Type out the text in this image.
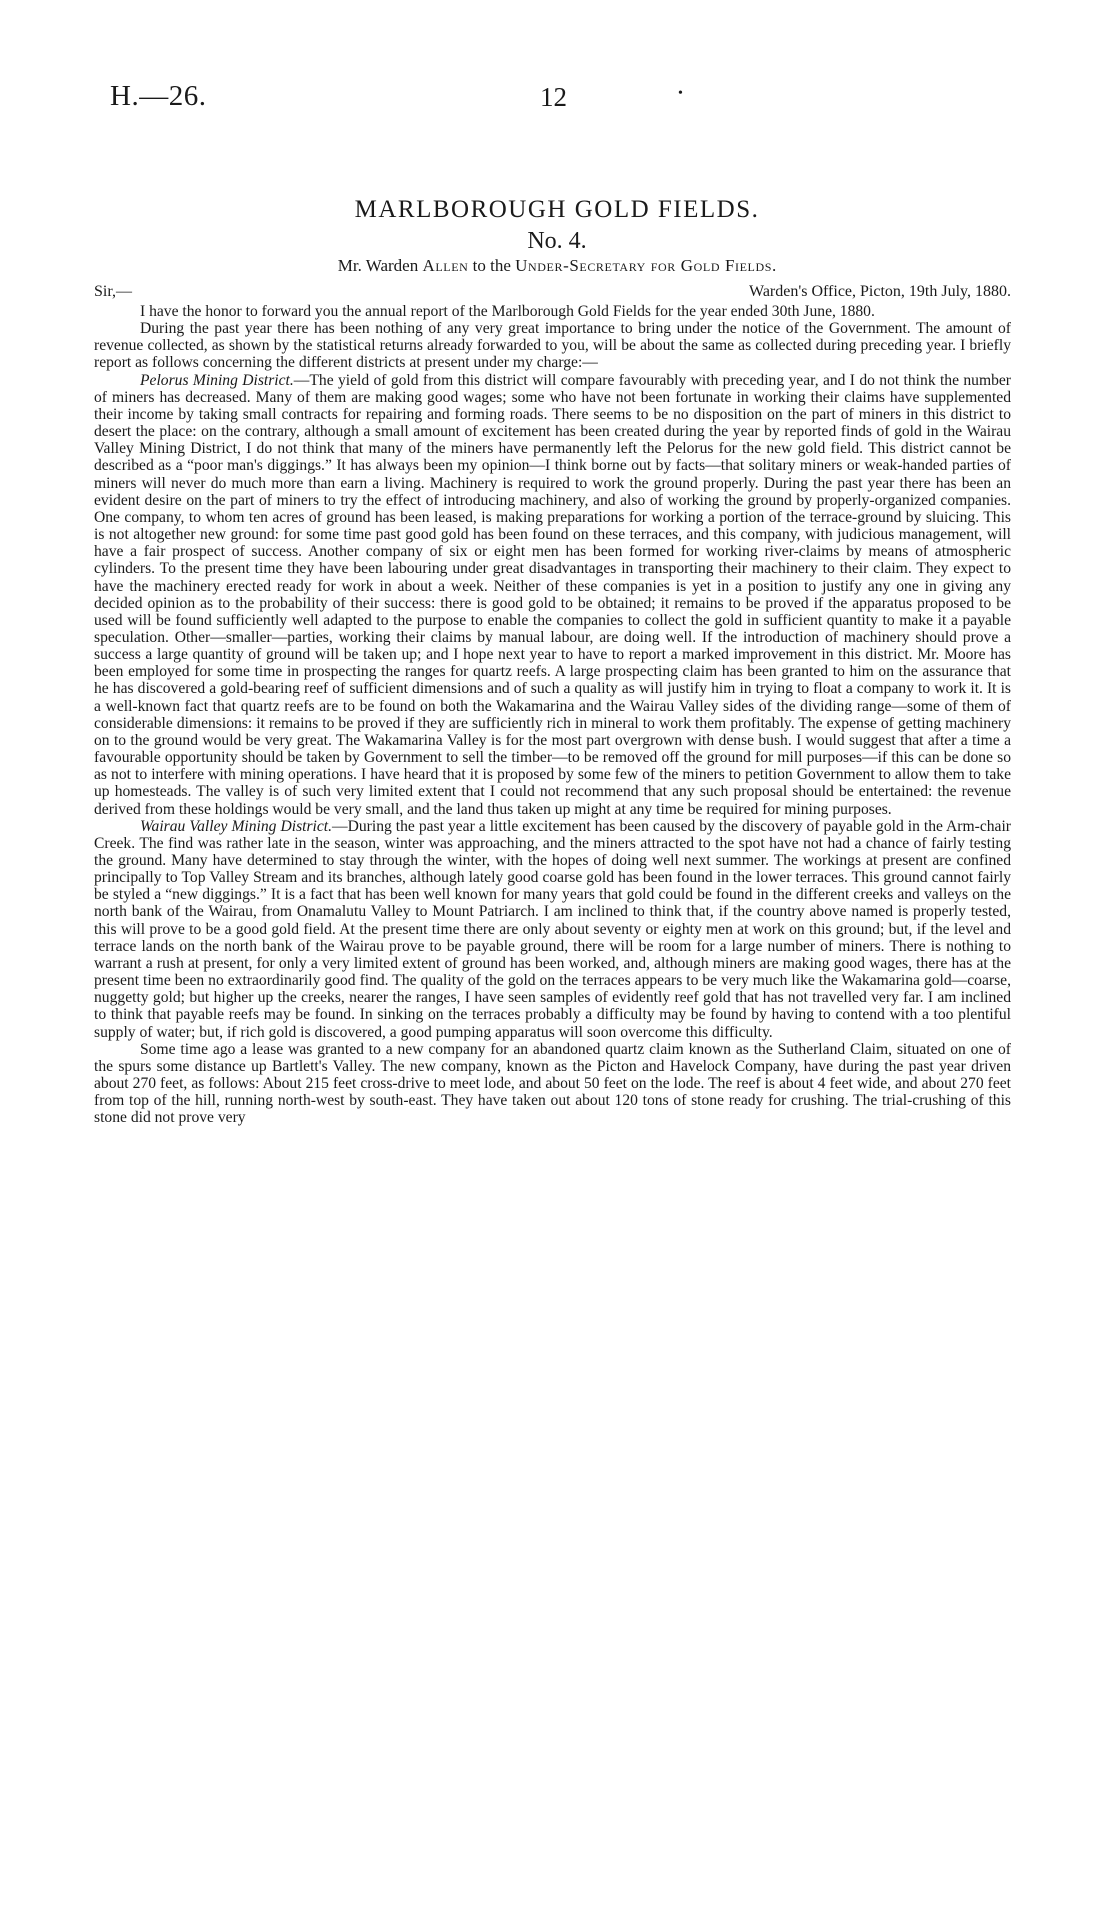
H.—26.	12	•
MARLBOROUGH GOLD FIELDS.
No. 4.
Mr. Warden Allen to the Under-Secretary for Gold Fields.
Sir,—	Warden's Office, Picton, 19th July, 1880.

I have the honor to forward you the annual report of the Marlborough Gold Fields for the year ended 30th June, 1880.

During the past year there has been nothing of any very great importance to bring under the notice of the Government. The amount of revenue collected, as shown by the statistical returns already forwarded to you, will be about the same as collected during preceding year. I briefly report as follows concerning the different districts at present under my charge:—

Pelorus Mining District.—The yield of gold from this district will compare favourably with preceding year, and I do not think the number of miners has decreased. Many of them are making good wages; some who have not been fortunate in working their claims have supplemented their income by taking small contracts for repairing and forming roads. There seems to be no disposition on the part of miners in this district to desert the place: on the contrary, although a small amount of excitement has been created during the year by reported finds of gold in the Wairau Valley Mining District, I do not think that many of the miners have permanently left the Pelorus for the new gold field. This district cannot be described as a “poor man's diggings.” It has always been my opinion—I think borne out by facts—that solitary miners or weak-handed parties of miners will never do much more than earn a living. Machinery is required to work the ground properly. During the past year there has been an evident desire on the part of miners to try the effect of introducing machinery, and also of working the ground by properly-organized companies. One company, to whom ten acres of ground has been leased, is making preparations for working a portion of the terrace-ground by sluicing. This is not altogether new ground: for some time past good gold has been found on these terraces, and this company, with judicious management, will have a fair prospect of success. Another company of six or eight men has been formed for working river-claims by means of atmospheric cylinders. To the present time they have been labouring under great disadvantages in transporting their machinery to their claim. They expect to have the machinery erected ready for work in about a week. Neither of these companies is yet in a position to justify any one in giving any decided opinion as to the probability of their success: there is good gold to be obtained; it remains to be proved if the apparatus proposed to be used will be found sufficiently well adapted to the purpose to enable the companies to collect the gold in sufficient quantity to make it a payable speculation. Other—smaller—parties, working their claims by manual labour, are doing well. If the introduction of machinery should prove a success a large quantity of ground will be taken up; and I hope next year to have to report a marked improvement in this district. Mr. Moore has been employed for some time in prospecting the ranges for quartz reefs. A large prospecting claim has been granted to him on the assurance that he has discovered a gold-bearing reef of sufficient dimensions and of such a quality as will justify him in trying to float a company to work it. It is a well-known fact that quartz reefs are to be found on both the Wakamarina and the Wairau Valley sides of the dividing range—some of them of considerable dimensions: it remains to be proved if they are sufficiently rich in mineral to work them profitably. The expense of getting machinery on to the ground would be very great. The Wakamarina Valley is for the most part overgrown with dense bush. I would suggest that after a time a favourable opportunity should be taken by Government to sell the timber—to be removed off the ground for mill purposes—if this can be done so as not to interfere with mining operations. I have heard that it is proposed by some few of the miners to petition Government to allow them to take up homesteads. The valley is of such very limited extent that I could not recommend that any such proposal should be entertained: the revenue derived from these holdings would be very small, and the land thus taken up might at any time be required for mining purposes.

Wairau Valley Mining District.—During the past year a little excitement has been caused by the discovery of payable gold in the Arm-chair Creek. The find was rather late in the season, winter was approaching, and the miners attracted to the spot have not had a chance of fairly testing the ground. Many have determined to stay through the winter, with the hopes of doing well next summer. The workings at present are confined principally to Top Valley Stream and its branches, although lately good coarse gold has been found in the lower terraces. This ground cannot fairly be styled a “new diggings.” It is a fact that has been well known for many years that gold could be found in the different creeks and valleys on the north bank of the Wairau, from Onamalutu Valley to Mount Patriarch. I am inclined to think that, if the country above named is properly tested, this will prove to be a good gold field. At the present time there are only about seventy or eighty men at work on this ground; but, if the level and terrace lands on the north bank of the Wairau prove to be payable ground, there will be room for a large number of miners. There is nothing to warrant a rush at present, for only a very limited extent of ground has been worked, and, although miners are making good wages, there has at the present time been no extraordinarily good find. The quality of the gold on the terraces appears to be very much like the Wakamarina gold—coarse, nuggetty gold; but higher up the creeks, nearer the ranges, I have seen samples of evidently reef gold that has not travelled very far. I am inclined to think that payable reefs may be found. In sinking on the terraces probably a difficulty may be found by having to contend with a too plentiful supply of water; but, if rich gold is discovered, a good pumping apparatus will soon overcome this difficulty.

Some time ago a lease was granted to a new company for an abandoned quartz claim known as the Sutherland Claim, situated on one of the spurs some distance up Bartlett's Valley. The new company, known as the Picton and Havelock Company, have during the past year driven about 270 feet, as follows: About 215 feet cross-drive to meet lode, and about 50 feet on the lode. The reef is about 4 feet wide, and about 270 feet from top of the hill, running north-west by south-east. They have taken out about 120 tons of stone ready for crushing. The trial-crushing of this stone did not prove very
